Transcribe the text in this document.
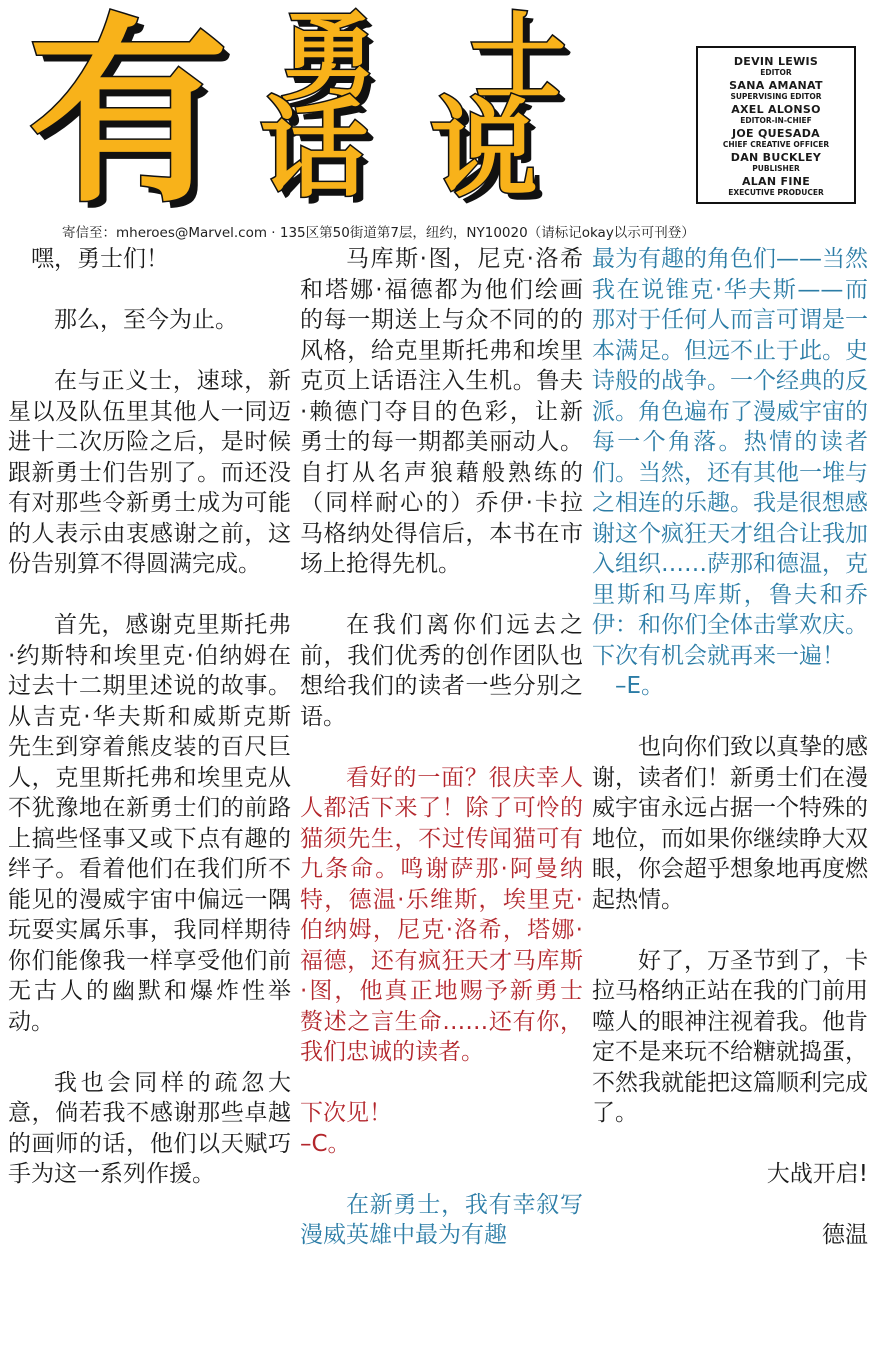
有 勇 士
话 说
DEVIN LEWIS
EDITOR
SANA AMANAT
SUPERVISING EDITOR
AXEL ALONSO
EDITOR-IN-CHIEF
JOE QUESADA
CHIEF CREATIVE OFFICER
DAN BUCKLEY
PUBLISHER
ALAN FINE
EXECUTIVE PRODUCER
寄信至：mheroes@Marvel.com · 135区第50街道第7层，纽约，NY10020（请标记okay以示可刊登）

嘿，勇士们！

那么，至今为止。

在与正义士，速球，新星以及队伍里其他人一同迈进十二次历险之后，是时候跟新勇士们告别了。而还没有对那些令新勇士成为可能的人表示由衷感谢之前，这份告别算不得圆满完成。

首先，感谢克里斯托弗·约斯特和埃里克·伯纳姆在过去十二期里述说的故事。从吉克·华夫斯和威斯克斯先生到穿着熊皮装的百尺巨人，克里斯托弗和埃里克从不犹豫地在新勇士们的前路上搞些怪事又或下点有趣的绊子。看着他们在我们所不能见的漫威宇宙中偏远一隅玩耍实属乐事，我同样期待你们能像我一样享受他们前无古人的幽默和爆炸性举动。

我也会同样的疏忽大意，倘若我不感谢那些卓越的画师的话，他们以天赋巧手为这一系列作援。

马库斯·图，尼克·洛希和塔娜·福德都为他们绘画的每一期送上与众不同的的风格，给克里斯托弗和埃里克页上话语注入生机。鲁夫·赖德门夺目的色彩，让新勇士的每一期都美丽动人。自打从名声狼藉般熟练的（同样耐心的）乔伊·卡拉马格纳处得信后，本书在市场上抢得先机。

在我们离你们远去之前，我们优秀的创作团队也想给我们的读者一些分别之语。

看好的一面？很庆幸人人都活下来了！除了可怜的猫须先生，不过传闻猫可有九条命。鸣谢萨那·阿曼纳特，德温·乐维斯，埃里克·伯纳姆，尼克·洛希，塔娜·福德，还有疯狂天才马库斯·图，他真正地赐予新勇士赘述之言生命……还有你，我们忠诚的读者。

下次见！

–C。

在新勇士，我有幸叙写漫威英雄中最为有趣

最为有趣的角色们——当然我在说锥克·华夫斯——而那对于任何人而言可谓是一本满足。但远不止于此。史诗般的战争。一个经典的反派。角色遍布了漫威宇宙的每一个角落。热情的读者们。当然，还有其他一堆与之相连的乐趣。我是很想感谢这个疯狂天才组合让我加入组织……萨那和德温，克里斯和马库斯，鲁夫和乔伊：和你们全体击掌欢庆。下次有机会就再来一遍！

–E。

也向你们致以真挚的感谢，读者们！新勇士们在漫威宇宙永远占据一个特殊的地位，而如果你继续睁大双眼，你会超乎想象地再度燃起热情。

好了，万圣节到了，卡拉马格纳正站在我的门前用噬人的眼神注视着我。他肯定不是来玩不给糖就捣蛋，不然我就能把这篇顺利完成了。

大战开启!

德温
